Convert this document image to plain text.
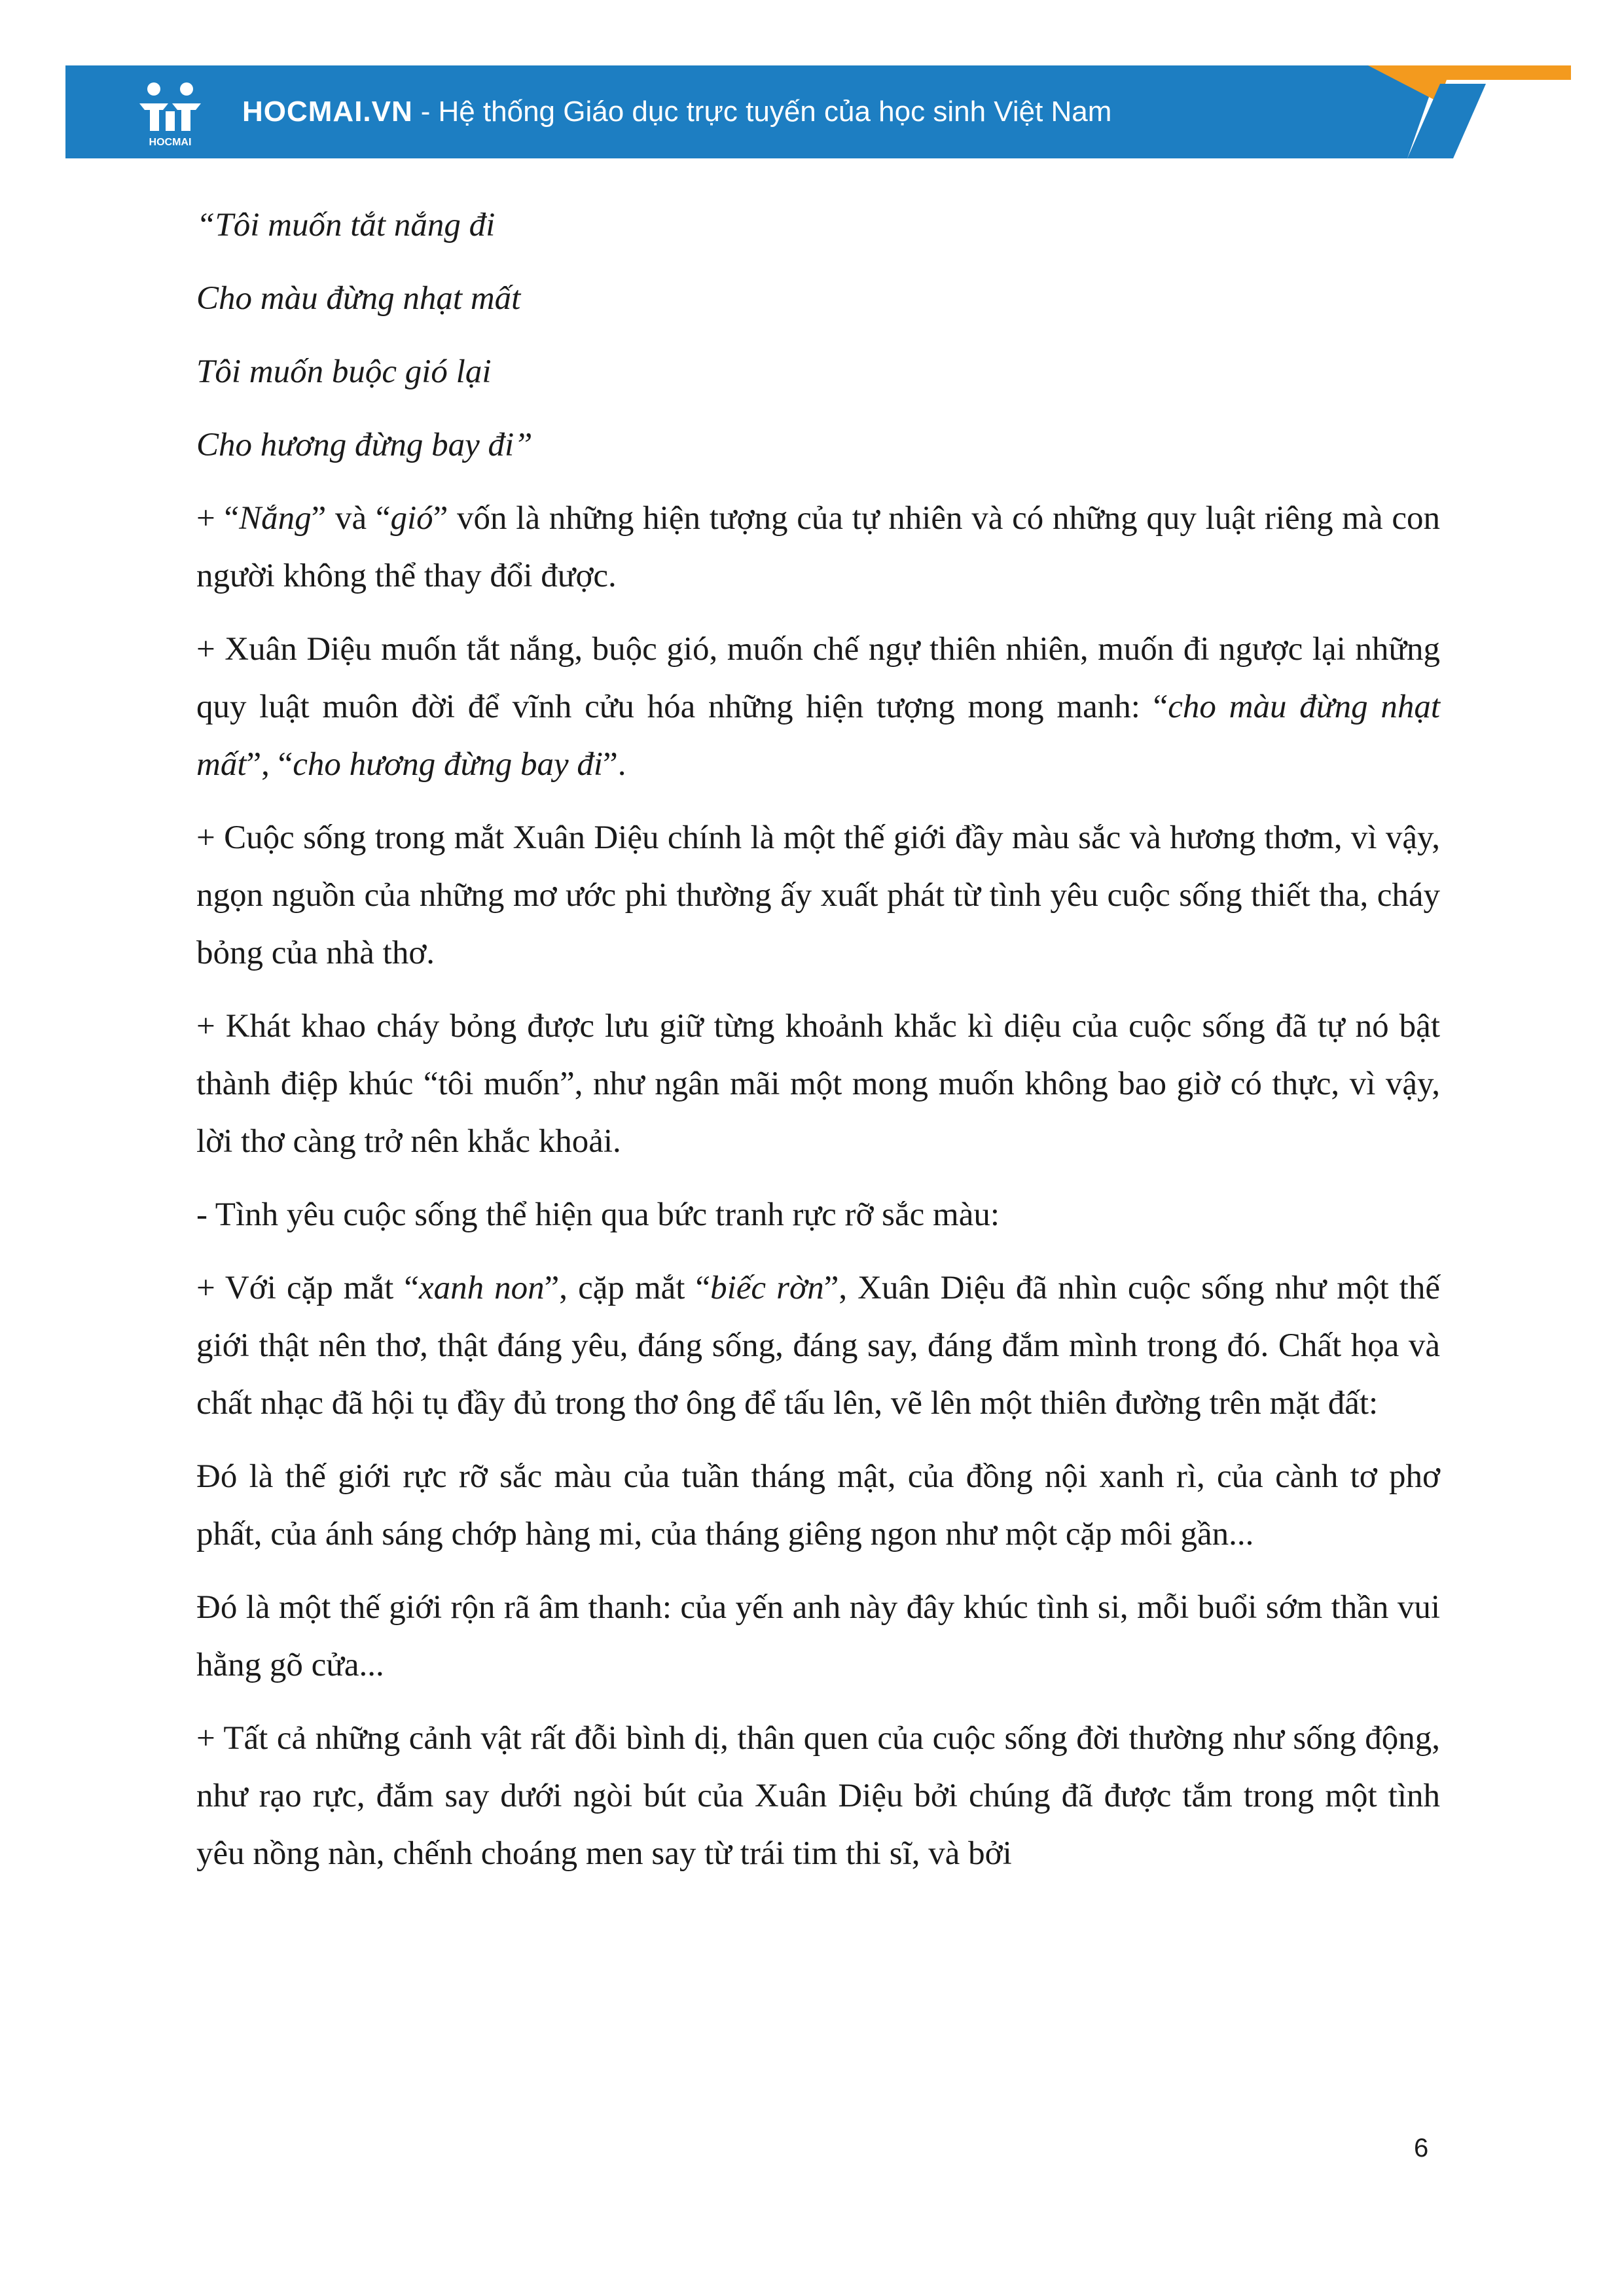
HOCMAI
HOCMAI.VN - Hệ thống Giáo dục trực tuyến của học sinh Việt Nam
“Tôi muốn tắt nắng đi
Cho màu đừng nhạt mất
Tôi muốn buộc gió lại
Cho hương đừng bay đi”

+ “Nắng” và “gió” vốn là những hiện tượng của tự nhiên và có những quy luật riêng mà con người không thể thay đổi được.

+ Xuân Diệu muốn tắt nắng, buộc gió, muốn chế ngự thiên nhiên, muốn đi ngược lại những quy luật muôn đời để vĩnh cửu hóa những hiện tượng mong manh: “cho màu đừng nhạt mất”, “cho hương đừng bay đi”.

+ Cuộc sống trong mắt Xuân Diệu chính là một thế giới đầy màu sắc và hương thơm, vì vậy, ngọn nguồn của những mơ ước phi thường ấy xuất phát từ tình yêu cuộc sống thiết tha, cháy bỏng của nhà thơ.

+ Khát khao cháy bỏng được lưu giữ từng khoảnh khắc kì diệu của cuộc sống đã tự nó bật thành điệp khúc “tôi muốn”, như ngân mãi một mong muốn không bao giờ có thực, vì vậy, lời thơ càng trở nên khắc khoải.

- Tình yêu cuộc sống thể hiện qua bức tranh rực rỡ sắc màu:

+ Với cặp mắt “xanh non”, cặp mắt “biếc rờn”, Xuân Diệu đã nhìn cuộc sống như một thế giới thật nên thơ, thật đáng yêu, đáng sống, đáng say, đáng đắm mình trong đó. Chất họa và chất nhạc đã hội tụ đầy đủ trong thơ ông để tấu lên, vẽ lên một thiên đường trên mặt đất:

Đó là thế giới rực rỡ sắc màu của tuần tháng mật, của đồng nội xanh rì, của cành tơ phơ phất, của ánh sáng chớp hàng mi, của tháng giêng ngon như một cặp môi gần...

Đó là một thế giới rộn rã âm thanh: của yến anh này đây khúc tình si, mỗi buổi sớm thần vui hằng gõ cửa...

+ Tất cả những cảnh vật rất đỗi bình dị, thân quen của cuộc sống đời thường như sống động, như rạo rực, đắm say dưới ngòi bút của Xuân Diệu bởi chúng đã được tắm trong một tình yêu nồng nàn, chếnh choáng men say từ trái tim thi sĩ, và bởi

6
